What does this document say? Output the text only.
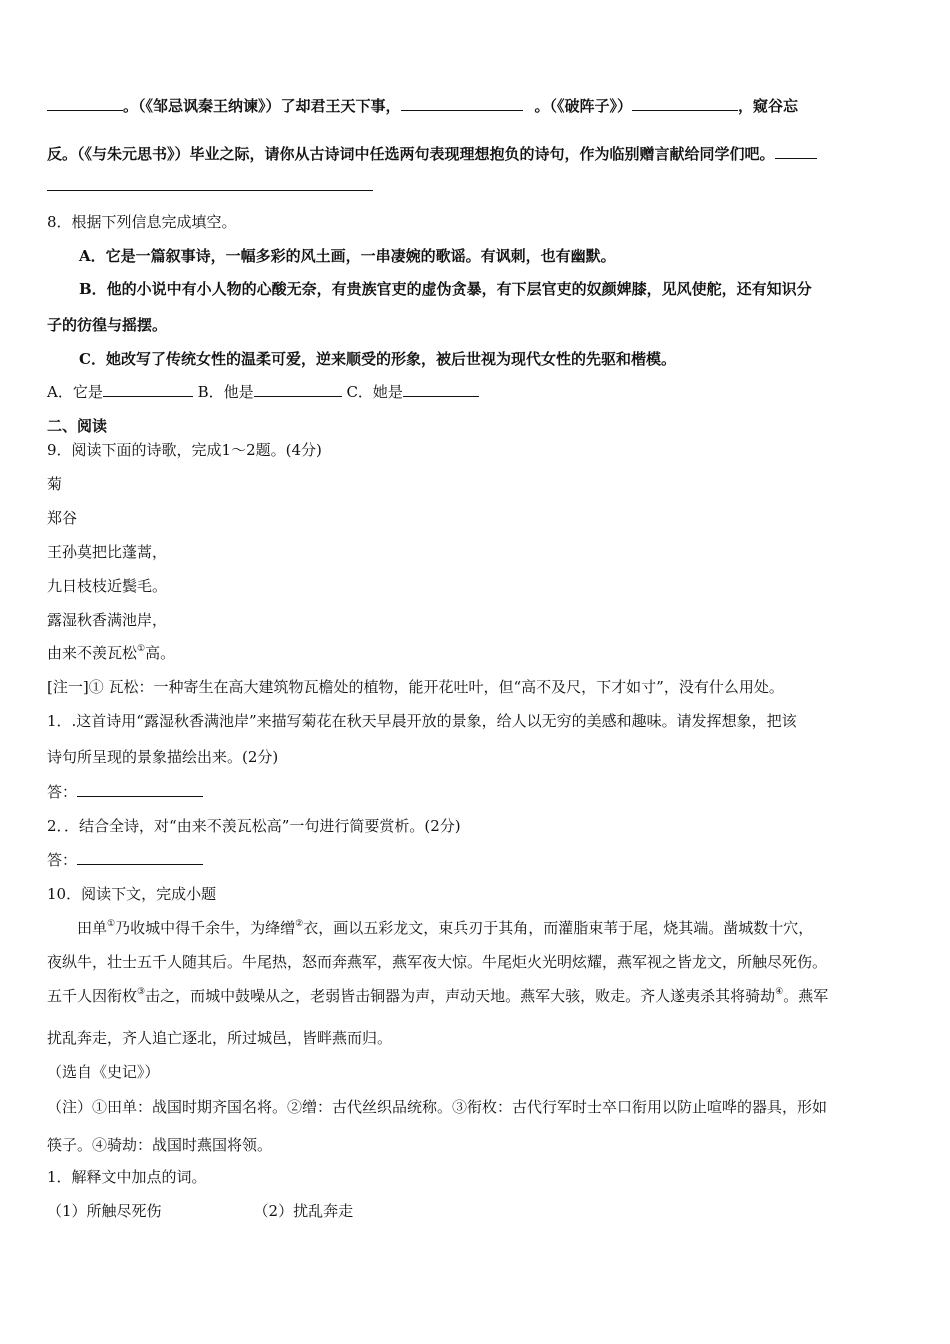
。（《邹忌讽秦王纳谏》）了却君王天下事，	。（《破阵子》）	，窥谷忘
反。（《与朱元思书》）毕业之际，请你从古诗词中任选两句表现理想抱负的诗句，作为临别赠言献给同学们吧。
8．根据下列信息完成填空。
A．它是一篇叙事诗，一幅多彩的风土画，一串凄婉的歌谣。有讽刺，也有幽默。
B．他的小说中有小人物的心酸无奈，有贵族官吏的虚伪贪暴，有下层官吏的奴颜婢膝，见风使舵，还有知识分
子的彷徨与摇摆。
C．她改写了传统女性的温柔可爱，逆来顺受的形象，被后世视为现代女性的先驱和楷模。
A．它是	B．他是	C．她是
二、阅读
9．阅读下面的诗歌，完成1～2题。(4分)
菊
郑谷
王孙莫把比蓬蒿，
九日枝枝近鬓毛。
露湿秋香满池岸，
由来不羡瓦松①高。
[注一]① 瓦松：一种寄生在高大建筑物瓦檐处的植物，能开花吐叶，但“高不及尺，下才如寸”，没有什么用处。
1．.这首诗用“露湿秋香满池岸”来描写菊花在秋天早晨开放的景象，给人以无穷的美感和趣味。请发挥想象，把该
诗句所呈现的景象描绘出来。(2分)
答：
2．．结合全诗，对“由来不羡瓦松高”一句进行简要赏析。(2分)
答：
10．阅读下文，完成小题
田单①乃收城中得千余牛，为绛缯②衣，画以五彩龙文，束兵刃于其角，而灌脂束苇于尾，烧其端。凿城数十穴，
夜纵牛，壮士五千人随其后。牛尾热，怒而奔燕军，燕军夜大惊。牛尾炬火光明炫耀，燕军视之皆龙文，所触尽死伤。
五千人因衔枚③击之，而城中鼓噪从之，老弱皆击铜器为声，声动天地。燕军大骇，败走。齐人遂夷杀其将骑劫④。燕军
扰乱奔走，齐人追亡逐北，所过城邑，皆畔燕而归。
（选自《史记》）
（注）①田单：战国时期齐国名将。②缯：古代丝织品统称。③衔枚：古代行军时士卒口衔用以防止喧哗的器具，形如
筷子。④骑劫：战国时燕国将领。
1．解释文中加点的词。
（1）所触尽死伤	（2）扰乱奔走
